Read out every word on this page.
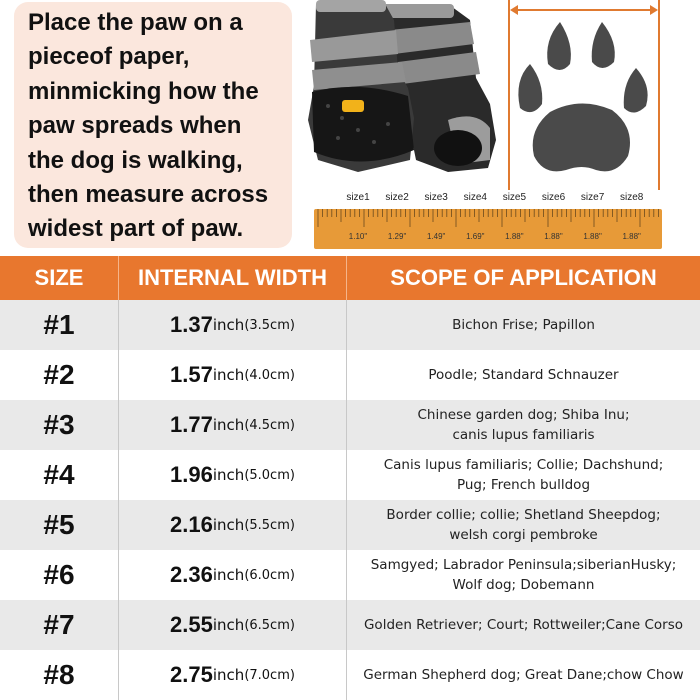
Place the paw on a
pieceof paper,
minmicking how the
paw spreads when
the dog is walking,
then measure across
widest part of paw.
size1 size2 size3 size4 size5 size6 size7 size8
1.10"	1.29"	1.49"	1.69"	1.88"	1.88"	1.88"	1.88"
SIZE	INTERNAL WIDTH	SCOPE OF APPLICATION
#1	1.37 inch (3.5cm)	Bichon Frise; Papillon
#2	1.57 inch (4.0cm)	Poodle; Standard Schnauzer
#3	1.77 inch (4.5cm)
Chinese garden dog; Shiba Inu;
canis lupus familiaris
#4	1.96 inch (5.0cm)
Canis lupus familiaris; Collie; Dachshund;
Pug; French bulldog
#5	2.16 inch (5.5cm)
Border collie; collie; Shetland Sheepdog;
welsh corgi pembroke
#6	2.36 inch (6.0cm)
Samgyed; Labrador Peninsula;siberianHusky;
Wolf dog; Dobemann
#7	2.55 inch (6.5cm)	Golden Retriever; Court; Rottweiler;Cane Corso
#8	2.75 inch (7.0cm)	German Shepherd dog; Great Dane;chow Chow
